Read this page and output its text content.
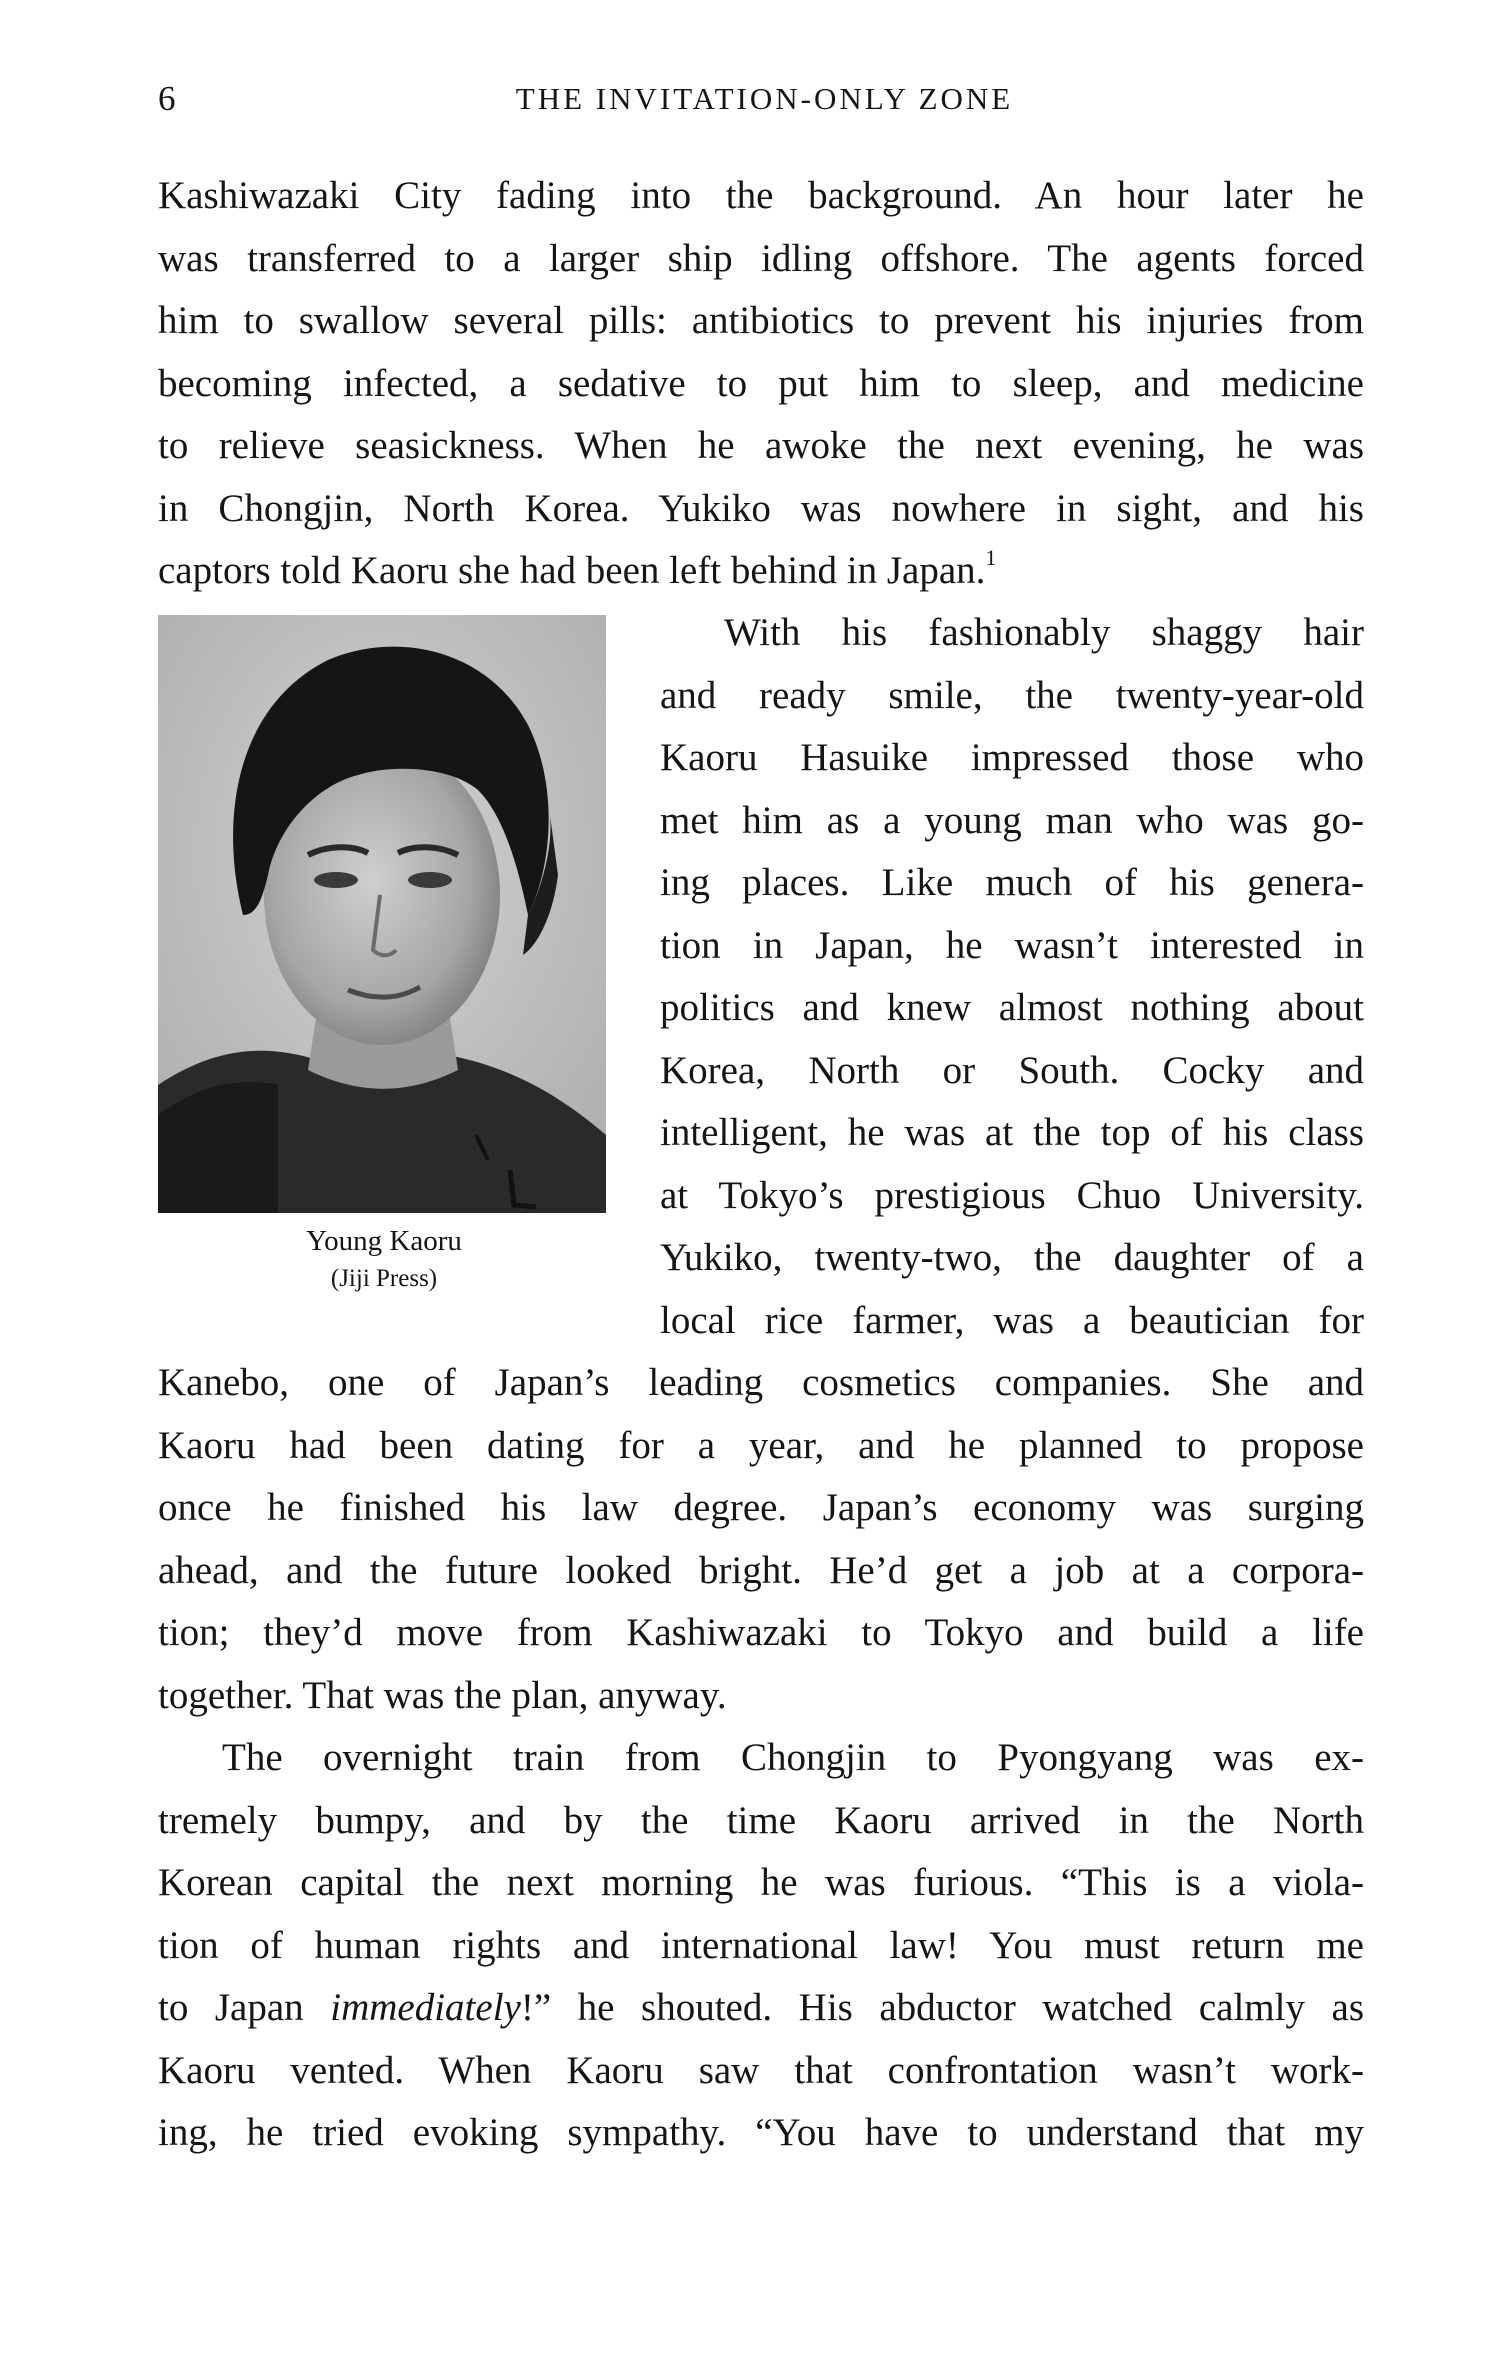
6	THE INVITATION-ONLY ZONE
Kashiwazaki City fading into the background. An hour later he
was transferred to a larger ship idling offshore. The agents forced
him to swallow several pills: antibiotics to prevent his injuries from
becoming infected, a sedative to put him to sleep, and medicine
to relieve seasickness. When he awoke the next evening, he was
in Chongjin, North Korea. Yukiko was nowhere in sight, and his
captors told Kaoru she had been left behind in Japan.$^1$
Young Kaoru
(Jiji Press)
With his fashionably shaggy hair
and ready smile, the twenty-year-old
Kaoru Hasuike impressed those who
met him as a young man who was go-
ing places. Like much of his genera-
tion in Japan, he wasn’t interested in
politics and knew almost nothing about
Korea, North or South. Cocky and
intelligent, he was at the top of his class
at Tokyo’s prestigious Chuo University.
Yukiko, twenty-two, the daughter of a
local rice farmer, was a beautician for
Kanebo, one of Japan’s leading cosmetics companies. She and
Kaoru had been dating for a year, and he planned to propose
once he finished his law degree. Japan’s economy was surging
ahead, and the future looked bright. He’d get a job at a corpora-
tion; they’d move from Kashiwazaki to Tokyo and build a life
together. That was the plan, anyway.
The overnight train from Chongjin to Pyongyang was ex-
tremely bumpy, and by the time Kaoru arrived in the North
Korean capital the next morning he was furious. “This is a viola-
tion of human rights and international law! You must return me
to Japan immediately!” he shouted. His abductor watched calmly as
Kaoru vented. When Kaoru saw that confrontation wasn’t work-
ing, he tried evoking sympathy. “You have to understand that my
